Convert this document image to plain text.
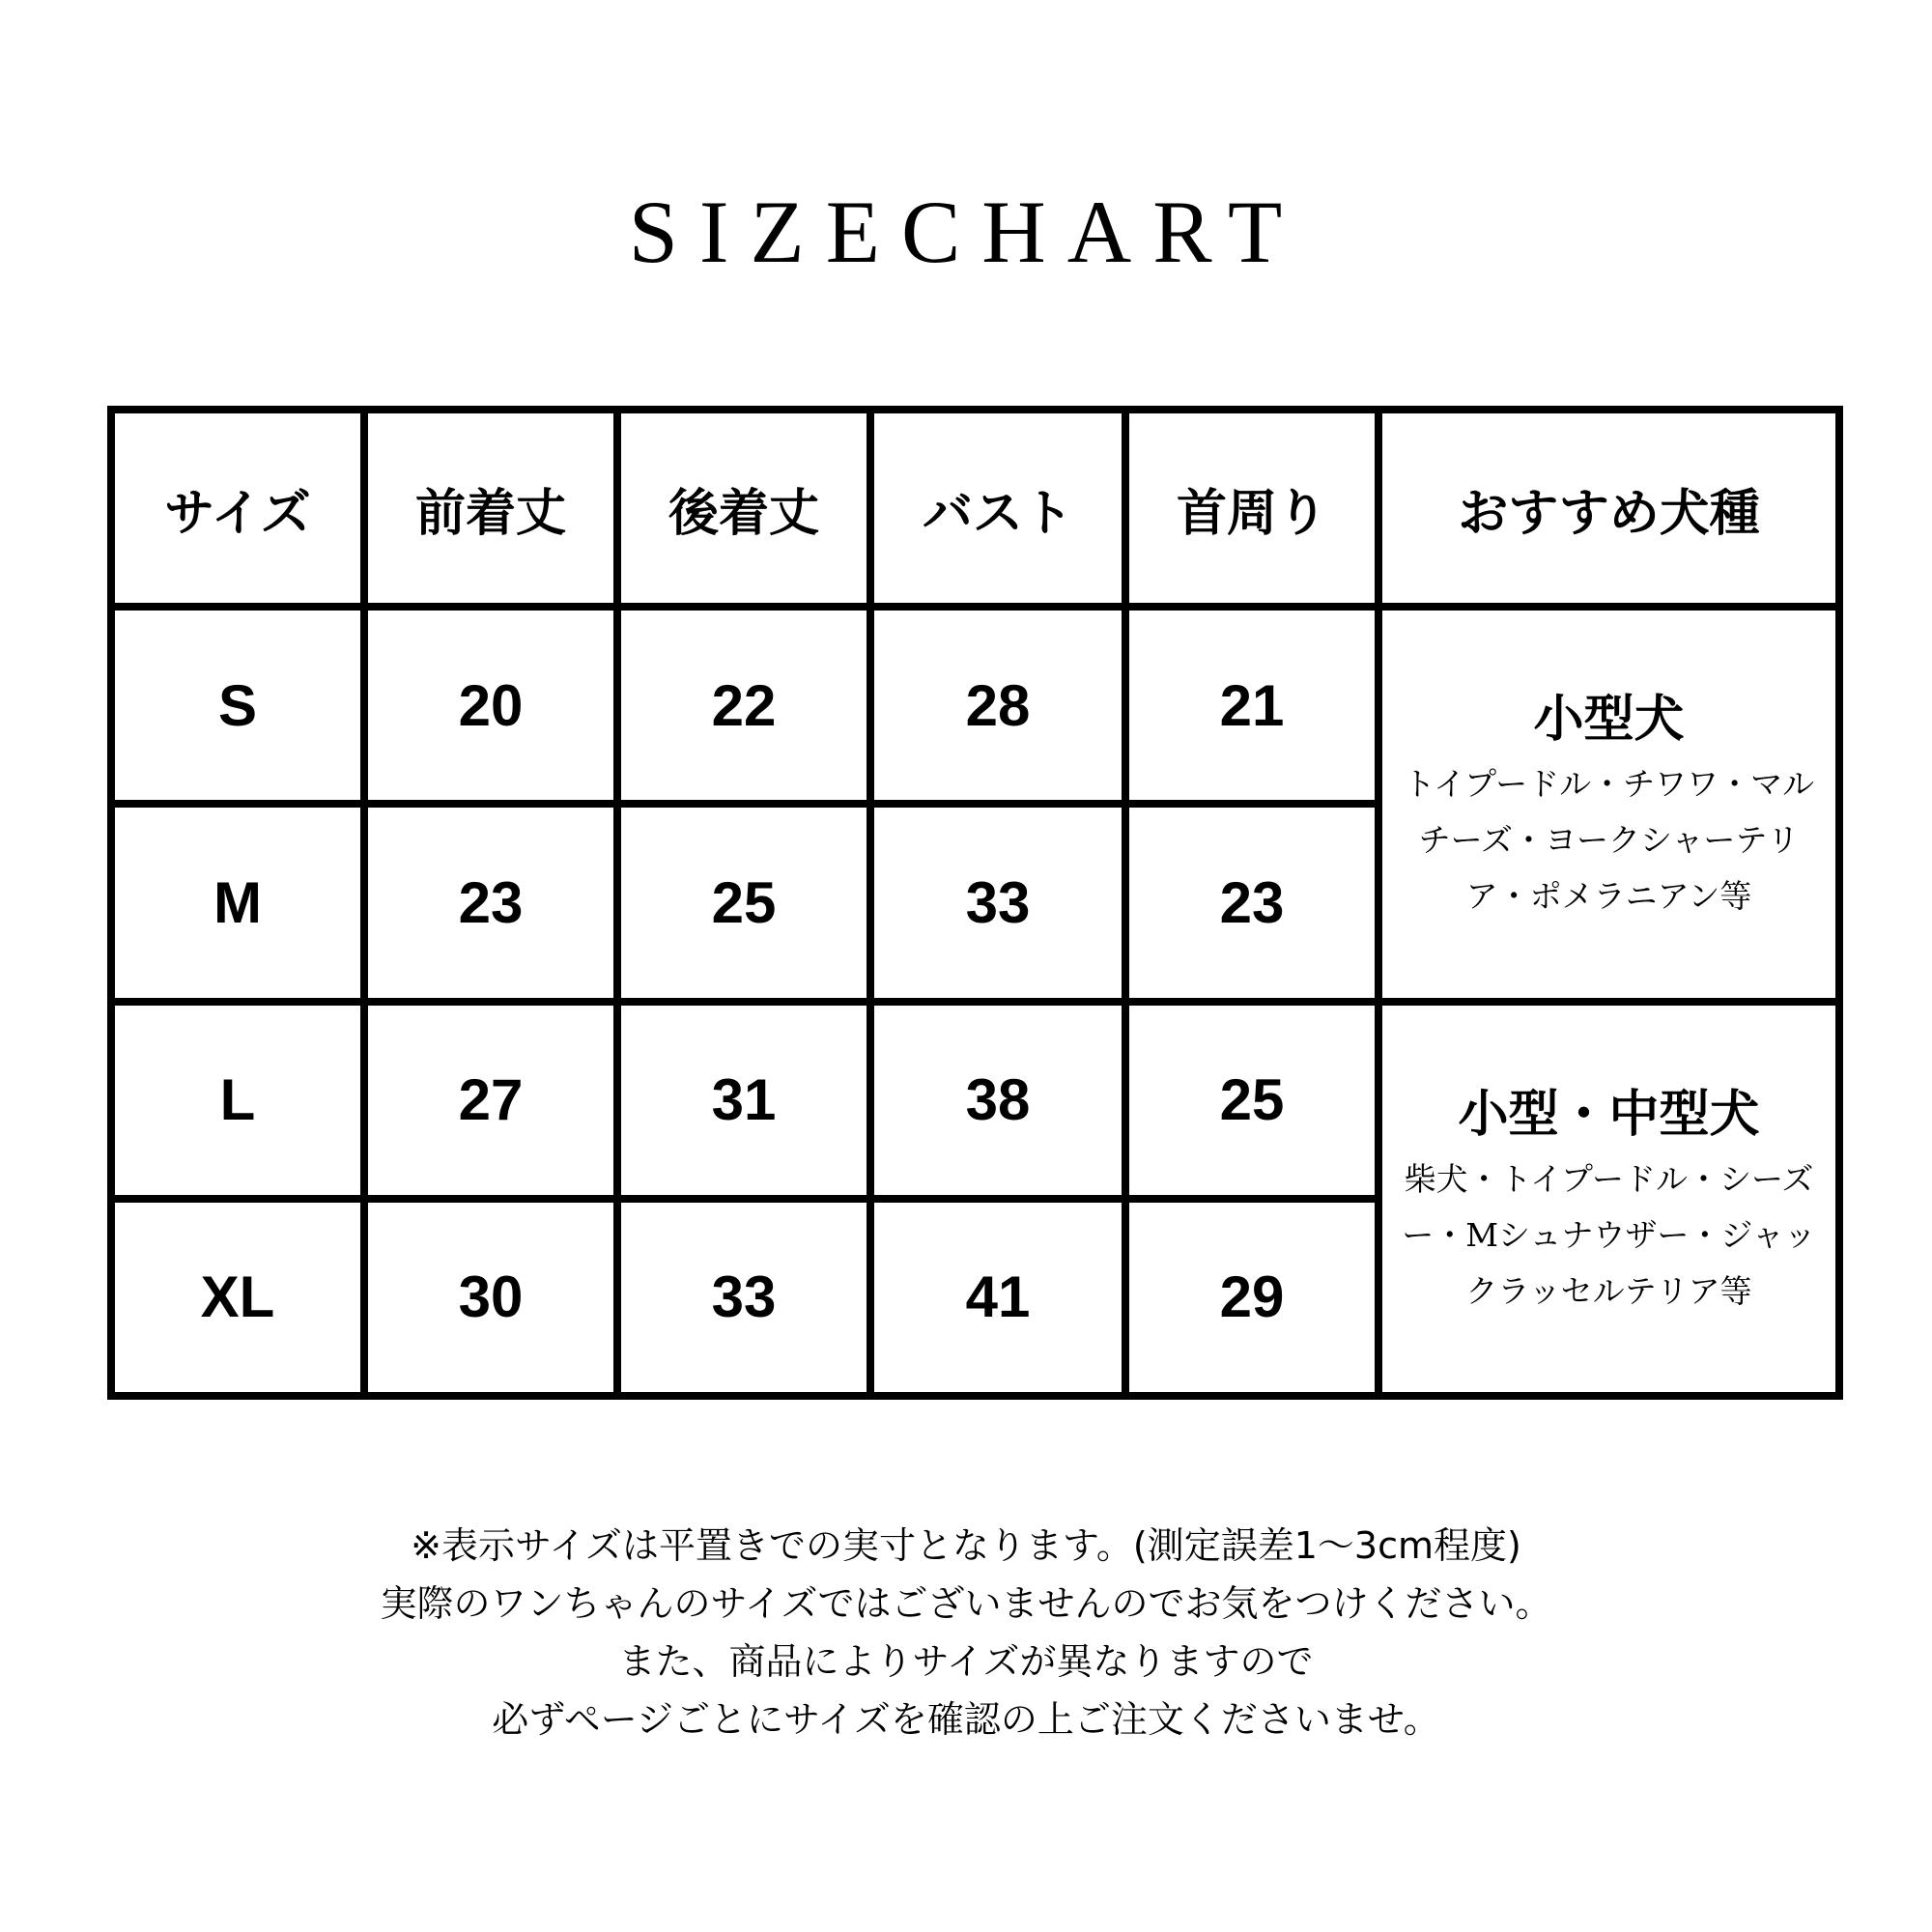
SIZECHART
サイズ	前着丈	後着丈	バスト	首周り	おすすめ犬種
S	20	22	28	21	小型犬
トイプードル・チワワ・マルチーズ・ヨークシャーテリア・ポメラニアン等

M	23	25	33	23	
L	27	31	38	25	小型・中型犬
柴犬・トイプードル・シーズー・Mシュナウザー・ジャックラッセルテリア等

XL	30	33	41	29	
※表示サイズは平置きでの実寸となります。(測定誤差1〜3cm程度)
実際のワンちゃんのサイズではございませんのでお気をつけください。
また、商品によりサイズが異なりますので
必ずページごとにサイズを確認の上ご注文くださいませ。
